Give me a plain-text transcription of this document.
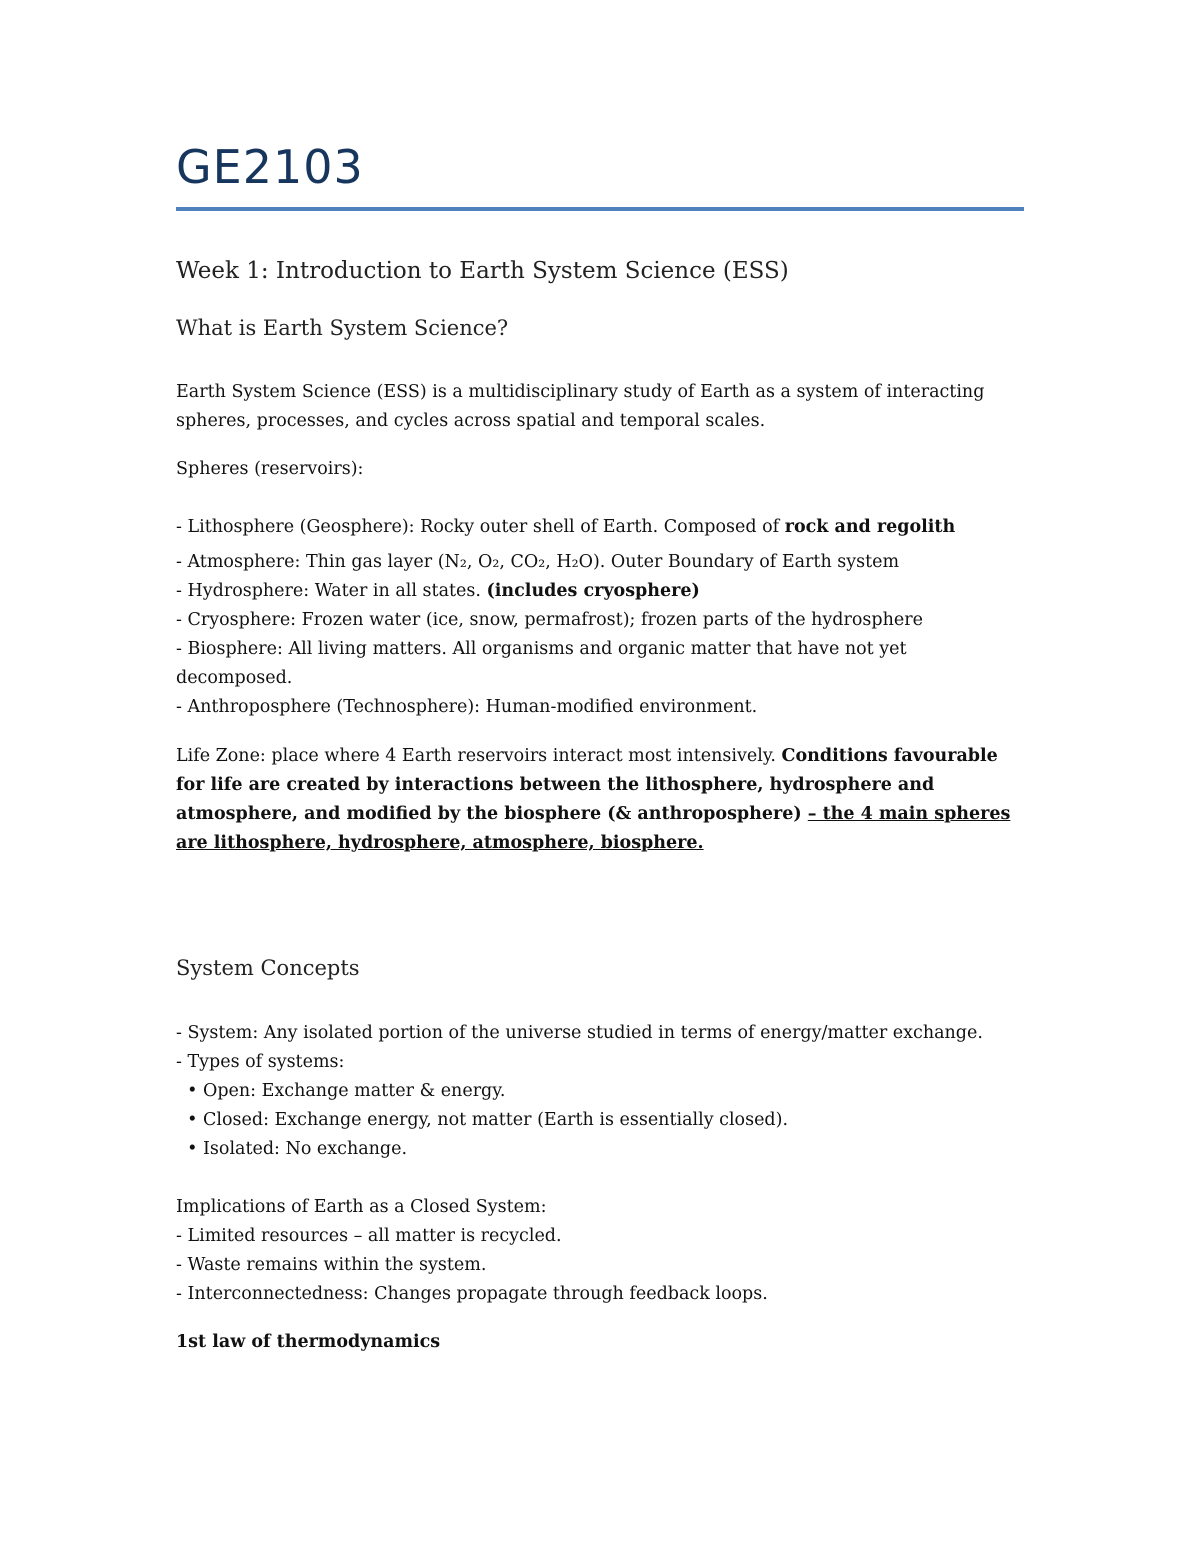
GE2103
Week 1: Introduction to Earth System Science (ESS)
What is Earth System Science?

Earth System Science (ESS) is a multidisciplinary study of Earth as a system of interacting

spheres, processes, and cycles across spatial and temporal scales.

Spheres (reservoirs):

- Lithosphere (Geosphere): Rocky outer shell of Earth. Composed of rock and regolith

- Atmosphere: Thin gas layer (N₂, O₂, CO₂, H₂O). Outer Boundary of Earth system

- Hydrosphere: Water in all states. (includes cryosphere)

- Cryosphere: Frozen water (ice, snow, permafrost); frozen parts of the hydrosphere

- Biosphere: All living matters. All organisms and organic matter that have not yet decomposed.

- Anthroposphere (Technosphere): Human-modified environment.

Life Zone: place where 4 Earth reservoirs interact most intensively. Conditions favourable for life are created by interactions between the lithosphere, hydrosphere and atmosphere, and modified by the biosphere (& anthroposphere) – the 4 main spheres are lithosphere, hydrosphere, atmosphere, biosphere.

System Concepts

- System: Any isolated portion of the universe studied in terms of energy/matter exchange.

- Types of systems:

• Open: Exchange matter & energy.

• Closed: Exchange energy, not matter (Earth is essentially closed).

• Isolated: No exchange.

Implications of Earth as a Closed System:

- Limited resources – all matter is recycled.

- Waste remains within the system.

- Interconnectedness: Changes propagate through feedback loops.

1st law of thermodynamics
